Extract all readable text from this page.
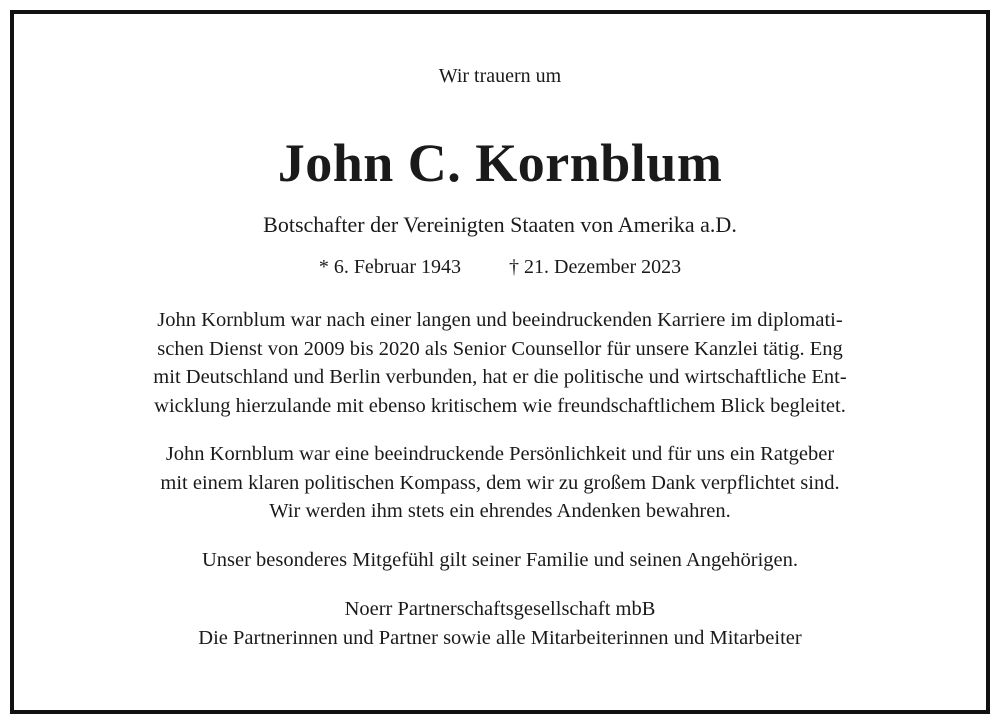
Wir trauern um
John C. Kornblum
Botschafter der Vereinigten Staaten von Amerika a.D.
* 6. Februar 1943 † 21. Dezember 2023
John Kornblum war nach einer langen und beeindruckenden Karriere im diplomati-
schen Dienst von 2009 bis 2020 als Senior Counsellor für unsere Kanzlei tätig. Eng
mit Deutschland und Berlin verbunden, hat er die politische und wirtschaftliche Ent-
wicklung hierzulande mit ebenso kritischem wie freundschaftlichem Blick begleitet.
John Kornblum war eine beeindruckende Persönlichkeit und für uns ein Ratgeber
mit einem klaren politischen Kompass, dem wir zu großem Dank verpflichtet sind.
Wir werden ihm stets ein ehrendes Andenken bewahren.
Unser besonderes Mitgefühl gilt seiner Familie und seinen Angehörigen.
Noerr Partnerschaftsgesellschaft mbB
Die Partnerinnen und Partner sowie alle Mitarbeiterinnen und Mitarbeiter
